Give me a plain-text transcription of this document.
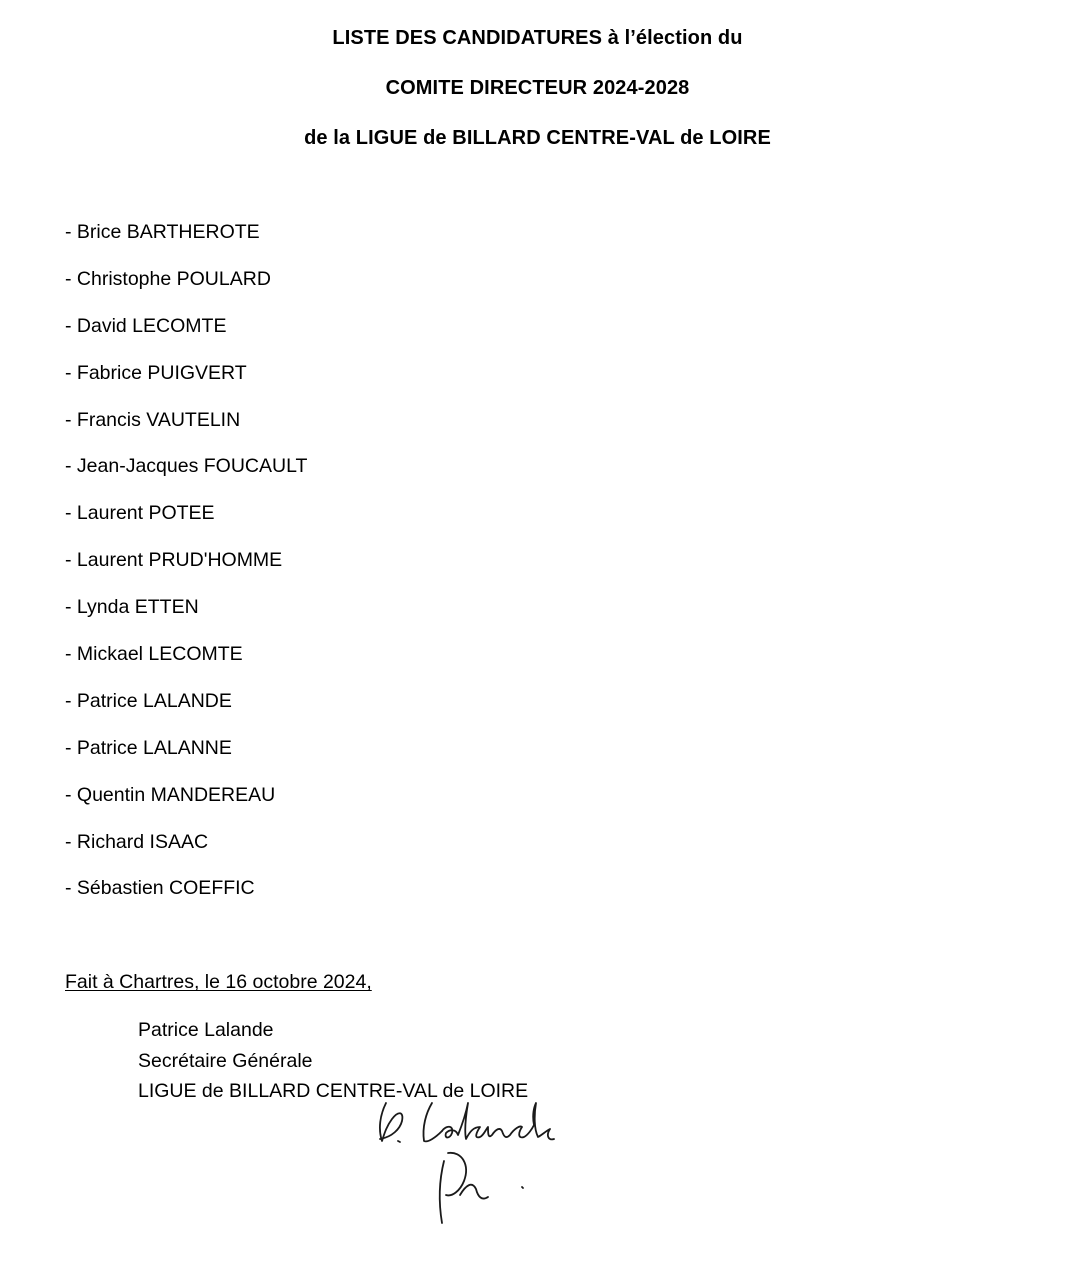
LISTE DES CANDIDATURES à l’élection du
COMITE DIRECTEUR 2024-2028
de la LIGUE de BILLARD CENTRE-VAL de LOIRE
- Brice BARTHEROTE
- Christophe POULARD
- David LECOMTE
- Fabrice PUIGVERT
- Francis VAUTELIN
- Jean-Jacques FOUCAULT
- Laurent POTEE
- Laurent PRUD'HOMME
- Lynda ETTEN
- Mickael LECOMTE
- Patrice LALANDE
- Patrice LALANNE
- Quentin MANDEREAU
- Richard ISAAC
- Sébastien COEFFIC
Fait à Chartres, le 16 octobre 2024,
Patrice Lalande
Secrétaire Générale
LIGUE de BILLARD CENTRE-VAL de LOIRE
